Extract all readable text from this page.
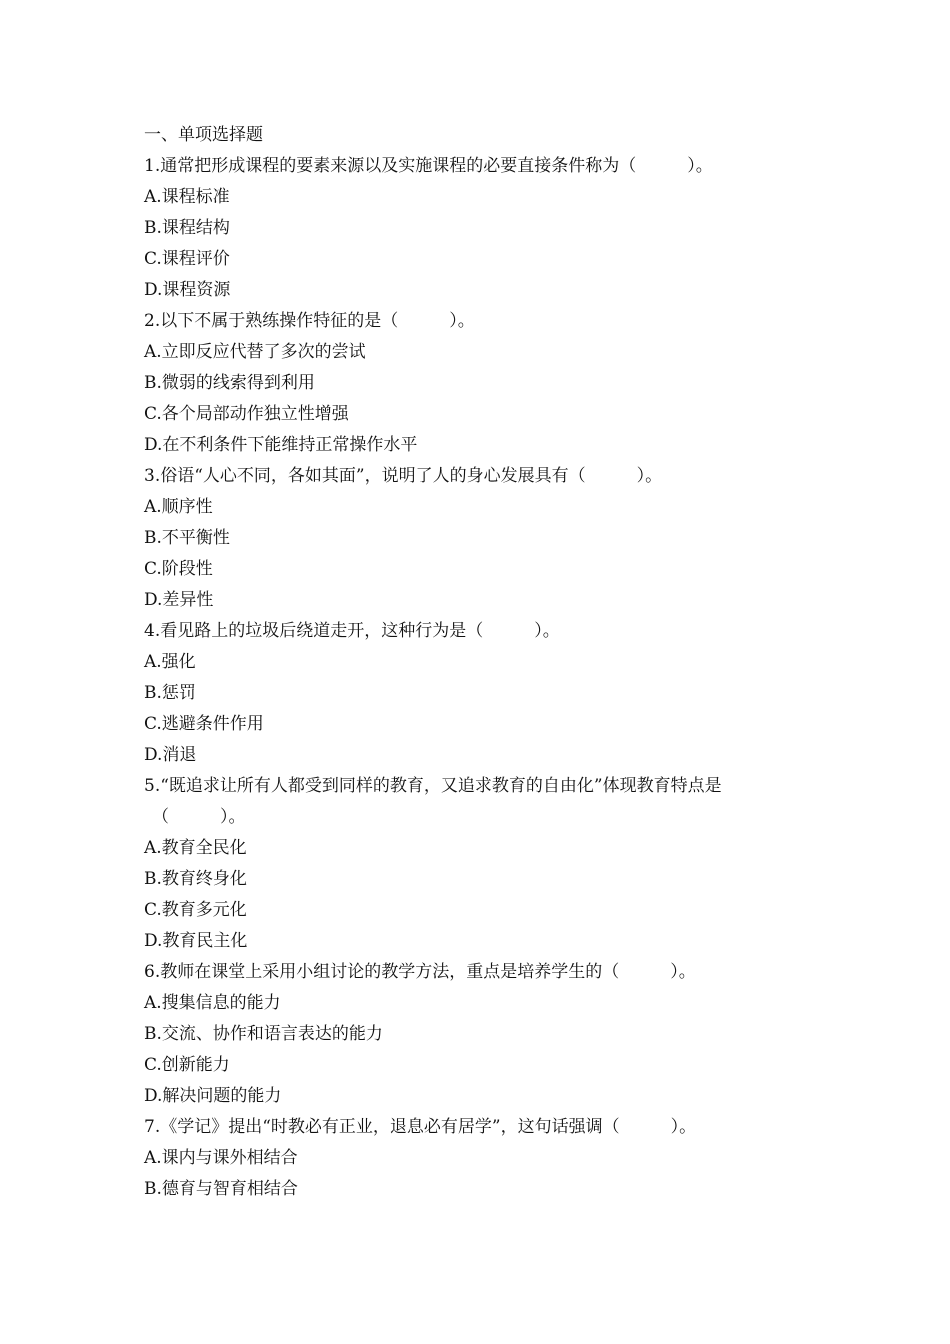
一、单项选择题

1.通常把形成课程的要素来源以及实施课程的必要直接条件称为（　　　）。

A.课程标准

B.课程结构

C.课程评价

D.课程资源

2.以下不属于熟练操作特征的是（　　　）。

A.立即反应代替了多次的尝试

B.微弱的线索得到利用

C.各个局部动作独立性增强

D.在不利条件下能维持正常操作水平

3.俗语“人心不同，各如其面”，说明了人的身心发展具有（　　　）。

A.顺序性

B.不平衡性

C.阶段性

D.差异性

4.看见路上的垃圾后绕道走开，这种行为是（　　　）。

A.强化

B.惩罚

C.逃避条件作用

D.消退

5.“既追求让所有人都受到同样的教育，又追求教育的自由化”体现教育特点是

（　　　）。

A.教育全民化

B.教育终身化

C.教育多元化

D.教育民主化

6.教师在课堂上采用小组讨论的教学方法，重点是培养学生的（　　　）。

A.搜集信息的能力

B.交流、协作和语言表达的能力

C.创新能力

D.解决问题的能力

7.《学记》提出“时教必有正业，退息必有居学”，这句话强调（　　　）。

A.课内与课外相结合

B.德育与智育相结合
